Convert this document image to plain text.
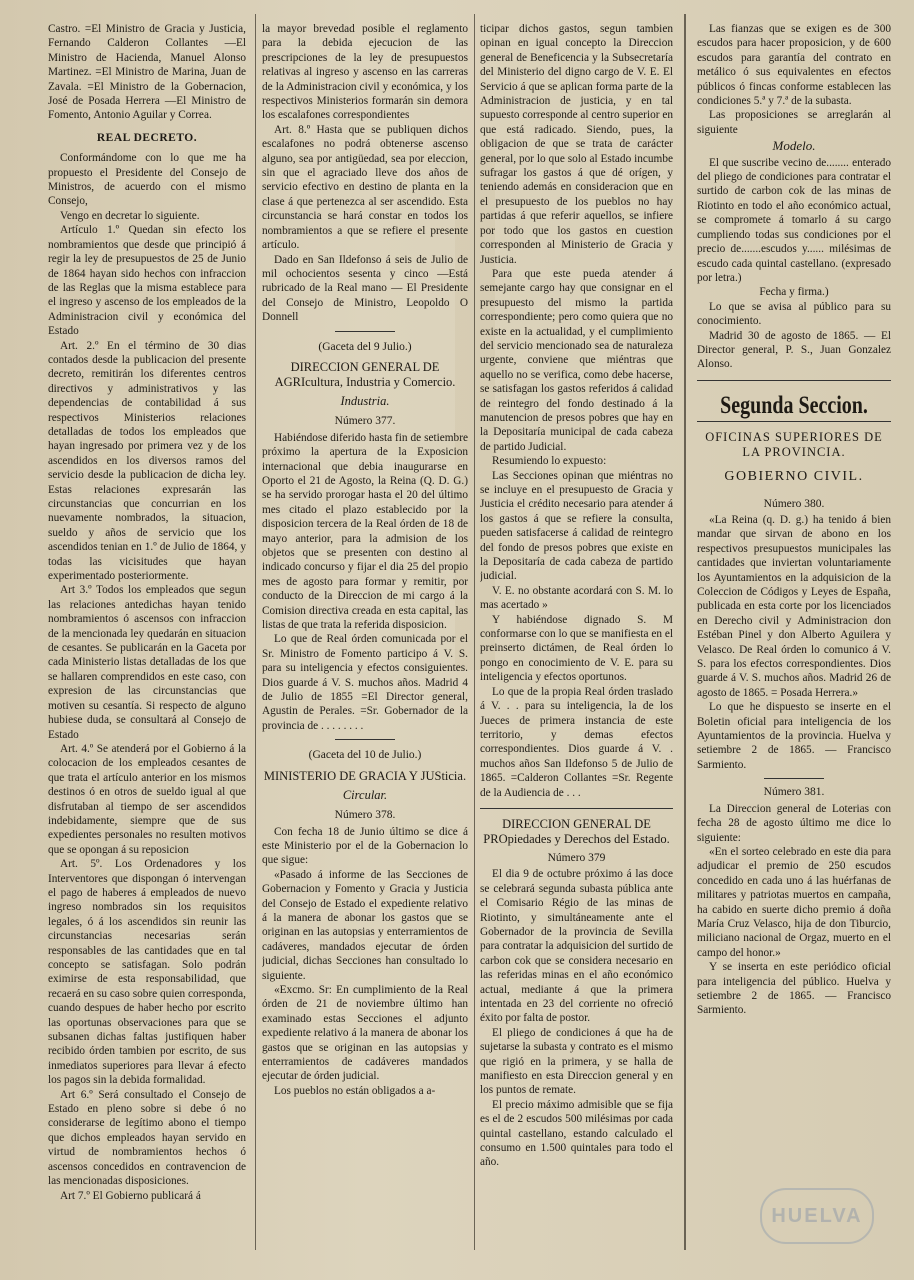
Castro. =El Ministro de Gracia y Justicia, Fernando Calderon Collantes —El Ministro de Hacienda, Manuel Alonso Martinez. =El Ministro de Marina, Juan de Zavala. =El Ministro de la Gobernacion, José de Posada Herrera —El Ministro de Fomento, Antonio Aguilar y Correa.

REAL DECRETO.

Conformándome con lo que me ha propuesto el Presidente del Consejo de Ministros, de acuerdo con el mismo Consejo,

Vengo en decretar lo siguiente.

Artículo 1.º Quedan sin efecto los nombramientos que desde que principió á regir la ley de presupuestos de 25 de Junio de 1864 hayan sido hechos con infraccion de las Reglas que la misma establece para el ingreso y ascenso de los empleados de la Administracion civil y económica del Estado

Art. 2.º En el término de 30 dias contados desde la publicacion del presente decreto, remitirán los diferentes centros directivos y administrativos y las dependencias de contabilidad á sus respectivos Ministerios relaciones detalladas de todos los empleados que hayan ingresado por primera vez y de los ascendidos en los diversos ramos del servicio desde la publicacion de dicha ley. Estas relaciones expresarán las circunstancias que concurrian en los nuevamente nombrados, la situacion, sueldo y años de servicio que los ascendidos tenian en 1.º de Julio de 1864, y todas las vicisitudes que hayan experimentado posteriormente.

Art 3.º Todos los empleados que segun las relaciones antedichas hayan tenido nombramientos ó ascensos con infraccion de la mencionada ley quedarán en situacion de cesantes. Se publicarán en la Gaceta por cada Ministerio listas detalladas de los que se hallaren comprendidos en este caso, con expresion de las circunstancias que motiven su cesantía. Si respecto de alguno hubiese duda, se consultará al Consejo de Estado

Art. 4.º Se atenderá por el Gobierno á la colocacion de los empleados cesantes de que trata el artículo anterior en los mismos destinos ó en otros de sueldo igual al que disfrutaban al tiempo de ser ascendidos indebidamente, siempre que de sus expedientes personales no resulten motivos que se opongan á su reposicion

Art. 5º. Los Ordenadores y los Interventores que dispongan ó intervengan el pago de haberes á empleados de nuevo ingreso nombrados sin los requisitos legales, ó á los ascendidos sin reunir las circunstancias necesarias serán responsables de las cantidades que en tal concepto se satisfagan. Solo podrán eximirse de esta responsabilidad, que recaerá en su caso sobre quien corresponda, cuando despues de haber hecho por escrito las oportunas observaciones para que se subsanen dichas faltas justifiquen haber recibido órden tambien por escrito, de sus inmediatos superiores para llevar á efecto los pagos sin la debida formalidad.

Art 6.º Será consultado el Consejo de Estado en pleno sobre si debe ó no considerarse de legítimo abono el tiempo que dichos empleados hayan servido en virtud de nombramientos hechos ó ascensos concedidos en contravencion de las mencionadas disposiciones.

Art 7.º El Gobierno publicará á

la mayor brevedad posible el reglamento para la debida ejecucion de las prescripciones de la ley de presupuestos relativas al ingreso y ascenso en las carreras de la Administracion civil y económica, y los respectivos Ministerios formarán sin demora los escalafones correspondientes

Art. 8.º Hasta que se publiquen dichos escalafones no podrá obtenerse ascenso alguno, sea por antigüedad, sea por eleccion, sin que el agraciado lleve dos años de servicio efectivo en destino de planta en la clase á que pertenezca al ser ascendido. Esta circunstancia se hará constar en todos los nombramientos a que se refiere el presente artículo.

Dado en San Ildefonso á seis de Julio de mil ochocientos sesenta y cinco —Está rubricado de la Real mano — El Presidente del Consejo de Ministro, Leopoldo O Donnell

(Gaceta del 9 Julio.)
DIRECCION GENERAL DE AGRIcultura, Industria y Comercio.
Industria.
Número 377.

Habiéndose diferido hasta fin de setiembre próximo la apertura de la Exposicion internacional que debia inaugurarse en Oporto el 21 de Agosto, la Reina (Q. D. G.) se ha servido prorogar hasta el 20 del último mes citado el plazo establecido por la disposicion tercera de la Real órden de 18 de mayo anterior, para la admision de los objetos que se presenten con destino al indicado concurso y fijar el dia 25 del propio mes de agosto para formar y remitir, por conducto de la Direccion de mi cargo á la Comision directiva creada en esta capital, las listas de que trata la referida disposicion.

Lo que de Real órden comunicada por el Sr. Ministro de Fomento participo á V. S. para su inteligencia y efectos consiguientes. Dios guarde á V. S. muchos años. Madrid 4 de Julio de 1855 =El Director general, Agustin de Perales. =Sr. Gobernador de la provincia de . . . . . . . .

(Gaceta del 10 de Julio.)
MINISTERIO DE GRACIA Y JUSticia.
Circular.
Número 378.

Con fecha 18 de Junio último se dice á este Ministerio por el de la Gobernacion lo que sigue:

«Pasado á informe de las Secciones de Gobernacion y Fomento y Gracia y Justicia del Consejo de Estado el expediente relativo á la manera de abonar los gastos que se originan en las autopsias y enterramientos de cadáveres, mandados ejecutar de órden judicial, dichas Secciones han consultado lo siguiente.

«Excmo. Sr: En cumplimiento de la Real órden de 21 de noviembre último han examinado estas Secciones el adjunto expediente relativo á la manera de abonar los gastos que se originan en las autopsias y enterramientos de cadáveres mandados ejecutar de órden judicial.

Los pueblos no están obligados a a-

ticipar dichos gastos, segun tambien opinan en igual concepto la Direccion general de Beneficencia y la Subsecretaría del Ministerio del digno cargo de V. E. El Servicio á que se aplican forma parte de la Administracion de justicia, y en tal supuesto corresponde al centro superior en que está radicado. Siendo, pues, la obligacion de que se trata de carácter general, por lo que solo al Estado incumbe sufragar los gastos á que dé orígen, y teniendo además en consideracion que en el presupuesto de los pueblos no hay partidas á que referir aquellos, se infiere por todo que los gastos en cuestion corresponden al Ministerio de Gracia y Justicia.

Para que este pueda atender á semejante cargo hay que consignar en el presupuesto del mismo la partida correspondiente; pero como quiera que no existe en la actualidad, y el cumplimiento del servicio mencionado sea de naturaleza urgente, conviene que miéntras que aquello no se verifica, como debe hacerse, se satisfagan los gastos referidos á calidad de reintegro del fondo destinado á la manutencion de presos pobres que hay en la Depositaría municipal de cada cabeza de partido Judicial.

Resumiendo lo expuesto:

Las Secciones opinan que miéntras no se incluye en el presupuesto de Gracia y Justicia el crédito necesario para atender á los gastos á que se refiere la consulta, pueden satisfacerse á calidad de reintegro del fondo de presos pobres que existe en la Depositaría de cada cabeza de partido judicial.

V. E. no obstante acordará con S. M. lo mas acertado »

Y habiéndose dignado S. M conformarse con lo que se manifiesta en el preinserto dictámen, de Real órden lo pongo en conocimiento de V. E. para su inteligencia y efectos oportunos.

Lo que de la propia Real órden traslado á V. . . para su inteligencia, la de los Jueces de primera instancia de este territorio, y demas efectos correspondientes. Dios guarde á V. . muchos años San Ildefonso 5 de Julio de 1865. =Calderon Collantes =Sr. Regente de la Audiencia de . . .

DIRECCION GENERAL DE PROpiedades y Derechos del Estado.
Número 379

El dia 9 de octubre próximo á las doce se celebrará segunda subasta pública ante el Comisario Régio de las minas de Riotinto, y simultáneamente ante el Gobernador de la provincia de Sevilla para contratar la adquisicion del surtido de carbon cok que se considera necesario en las referidas minas en el año económico actual, mediante á que la primera intentada en 23 del corriente no ofreció éxito por falta de postor.

El pliego de condiciones á que ha de sujetarse la subasta y contrato es el mismo que rigió en la primera, y se halla de manifiesto en esta Direccion general y en los puntos de remate.

El precio máximo admisible que se fija es el de 2 escudos 500 milésimas por cada quintal castellano, estando calculado el consumo en 1.500 quintales para todo el año.

Las fianzas que se exigen es de 300 escudos para hacer proposicion, y de 600 escudos para garantía del contrato en metálico ó sus equivalentes en efectos públicos ó fincas conforme establecen las condiciones 5.ª y 7.ª de la subasta.

Las proposiciones se arreglarán al siguiente

Modelo.

El que suscribe vecino de........ enterado del pliego de condiciones para contratar el surtido de carbon cok de las minas de Riotinto en todo el año económico actual, se compromete á tomarlo á su cargo cumpliendo todas sus condiciones por el precio de.......escudos y...... milésimas de escudo cada quintal castellano. (expresado por letra.)

Fecha y firma.)

Lo que se avisa al público para su conocimiento.

Madrid 30 de agosto de 1865. — El Director general, P. S., Juan Gonzalez Alonso.

Segunda Seccion.
OFICINAS SUPERIORES DE LA PROVINCIA.
GOBIERNO CIVIL.
Número 380.

«La Reina (q. D. g.) ha tenido á bien mandar que sirvan de abono en los respectivos presupuestos municipales las cantidades que inviertan voluntariamente los Ayuntamientos en la adquisicion de la Coleccion de Códigos y Leyes de España, publicada en esta corte por los licenciados en Derecho civil y Administracion don Estéban Pinel y don Alberto Aguilera y Velasco. De Real órden lo comunico á V. S. para los efectos correspondientes. Dios guarde á V. S. muchos años. Madrid 26 de agosto de 1865. = Posada Herrera.»

Lo que he dispuesto se inserte en el Boletin oficial para inteligencia de los Ayuntamientos de la provincia. Huelva y setiembre 2 de 1865. — Francisco Sarmiento.

Número 381.

La Direccion general de Loterias con fecha 28 de agosto último me dice lo siguiente:

«En el sorteo celebrado en este dia para adjudicar el premio de 250 escudos concedido en cada uno á las huérfanas de militares y patriotas muertos en campaña, ha cabido en suerte dicho premio á doña María Cruz Velasco, hija de don Tiburcio, miliciano nacional de Orgaz, muerto en el campo del honor.»

Y se inserta en este periódico oficial para inteligencia del público. Huelva y setiembre 2 de 1865. — Francisco Sarmiento.

HUELVA
